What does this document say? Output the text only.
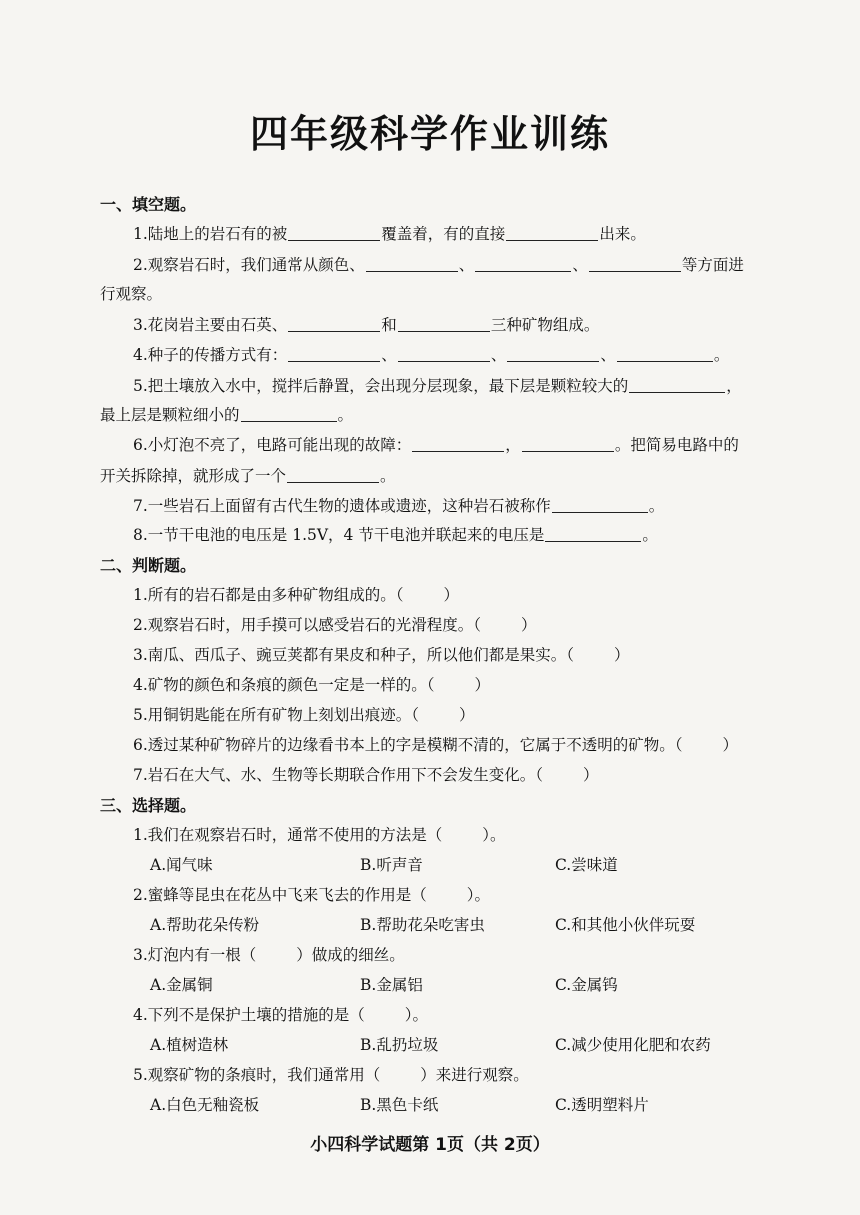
四年级科学作业训练
一、填空题。
1.陆地上的岩石有的被	覆盖着，有的直接	出来。
2.观察岩石时，我们通常从颜色、	、	、	等方面进
行观察。
3.花岗岩主要由石英、	和	三种矿物组成。
4.种子的传播方式有：	、	、	、	。
5.把土壤放入水中，搅拌后静置，会出现分层现象，最下层是颗粒较大的	，
最上层是颗粒细小的	。
6.小灯泡不亮了，电路可能出现的故障：	，	。把简易电路中的
开关拆除掉，就形成了一个	。
7.一些岩石上面留有古代生物的遗体或遗迹，这种岩石被称作	。
8.一节干电池的电压是 1.5V，4 节干电池并联起来的电压是	。
二、判断题。
1.所有的岩石都是由多种矿物组成的。（	）
2.观察岩石时，用手摸可以感受岩石的光滑程度。（	）
3.南瓜、西瓜子、豌豆荚都有果皮和种子，所以他们都是果实。（	）
4.矿物的颜色和条痕的颜色一定是一样的。（	）
5.用铜钥匙能在所有矿物上刻划出痕迹。（	）
6.透过某种矿物碎片的边缘看书本上的字是模糊不清的，它属于不透明的矿物。（	）
7.岩石在大气、水、生物等长期联合作用下不会发生变化。（	）
三、选择题。
1.我们在观察岩石时，通常不使用的方法是（	）。
A.闻气味	B.听声音	C.尝味道
2.蜜蜂等昆虫在花丛中飞来飞去的作用是（	）。
A.帮助花朵传粉	B.帮助花朵吃害虫	C.和其他小伙伴玩耍
3.灯泡内有一根（	）做成的细丝。
A.金属铜	B.金属铝	C.金属钨
4.下列不是保护土壤的措施的是（	）。
A.植树造林	B.乱扔垃圾	C.减少使用化肥和农药
5.观察矿物的条痕时，我们通常用（	）来进行观察。
A.白色无釉瓷板	B.黑色卡纸	C.透明塑料片
小四科学试题第 1页（共 2页）
